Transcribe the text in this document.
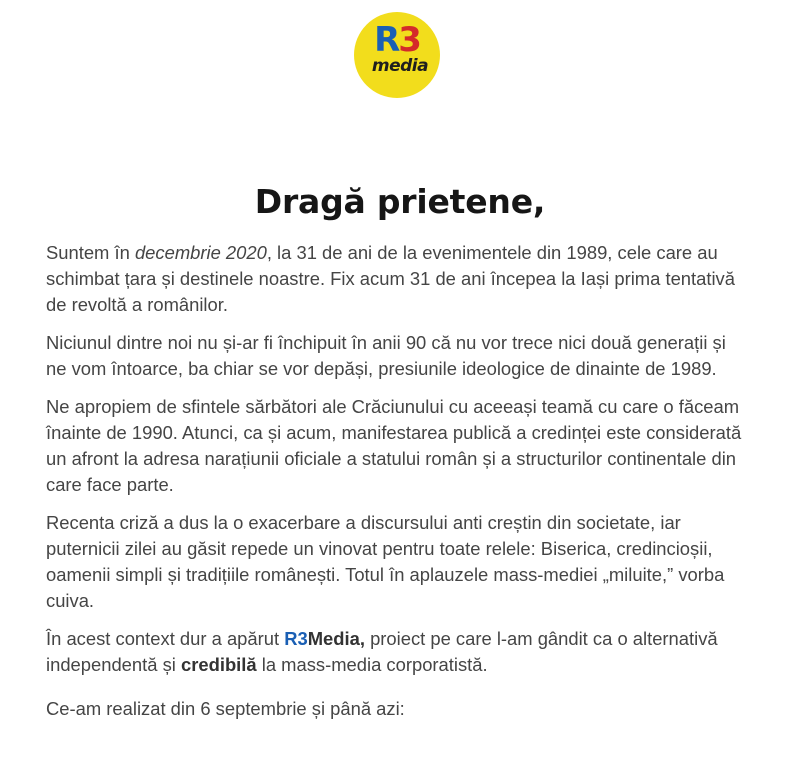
R3
media
Dragă prietene,

Suntem în decembrie 2020, la 31 de ani de la evenimentele din 1989, cele care au schimbat țara și destinele noastre. Fix acum 31 de ani începea la Iași prima tentativă de revoltă a românilor.

Niciunul dintre noi nu și-ar fi închipuit în anii 90 că nu vor trece nici două generații și ne vom întoarce, ba chiar se vor depăși, presiunile ideologice de dinainte de 1989.

Ne apropiem de sfintele sărbători ale Crăciunului cu aceeași teamă cu care o făceam înainte de 1990. Atunci, ca și acum, manifestarea publică a credinței este considerată un afront la adresa narațiunii oficiale a statului român și a structurilor continentale din care face parte.

Recenta criză a dus la o exacerbare a discursului anti creștin din societate, iar puternicii zilei au găsit repede un vinovat pentru toate relele: Biserica, credincioșii, oamenii simpli și tradițiile românești. Totul în aplauzele mass-mediei „miluite,” vorba cuiva.

În acest context dur a apărut R3Media, proiect pe care l-am gândit ca o alternativă independentă și credibilă la mass-media corporatistă.

Ce-am realizat din 6 septembrie și până azi:
